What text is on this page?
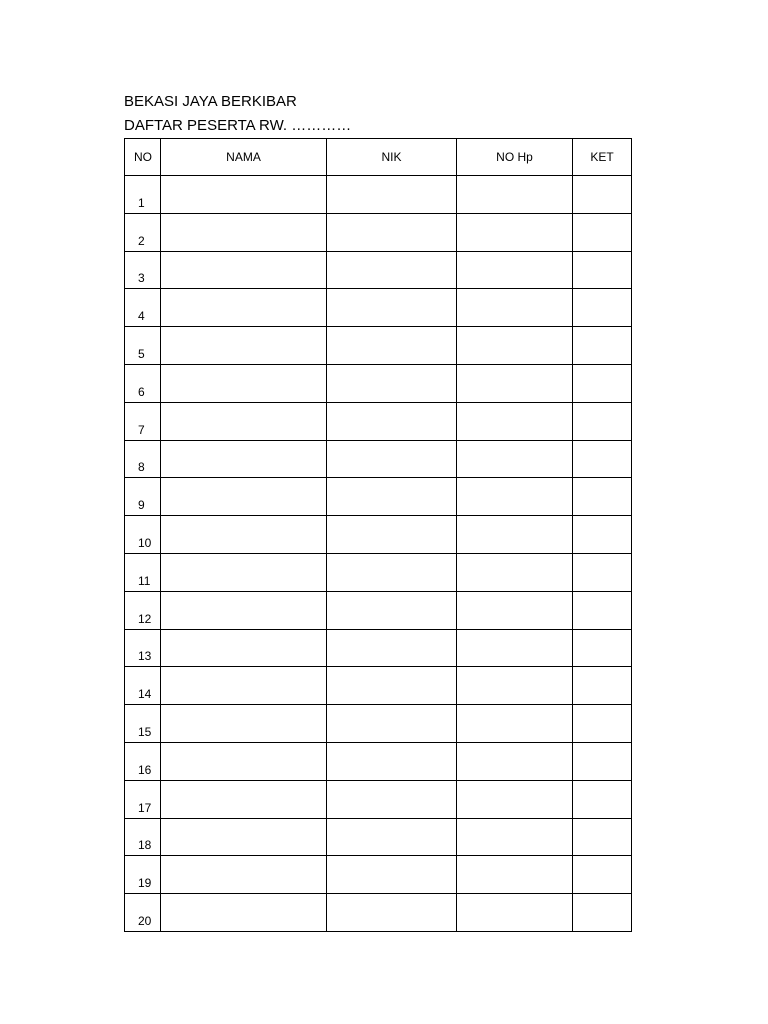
BEKASI JAYA BERKIBAR
DAFTAR PESERTA RW. …………
NO	NAMA	NIK	NO Hp	KET
1				
2				
3				
4				
5				
6				
7				
8				
9				
10				
11				
12				
13				
14				
15				
16				
17				
18				
19				
20				
